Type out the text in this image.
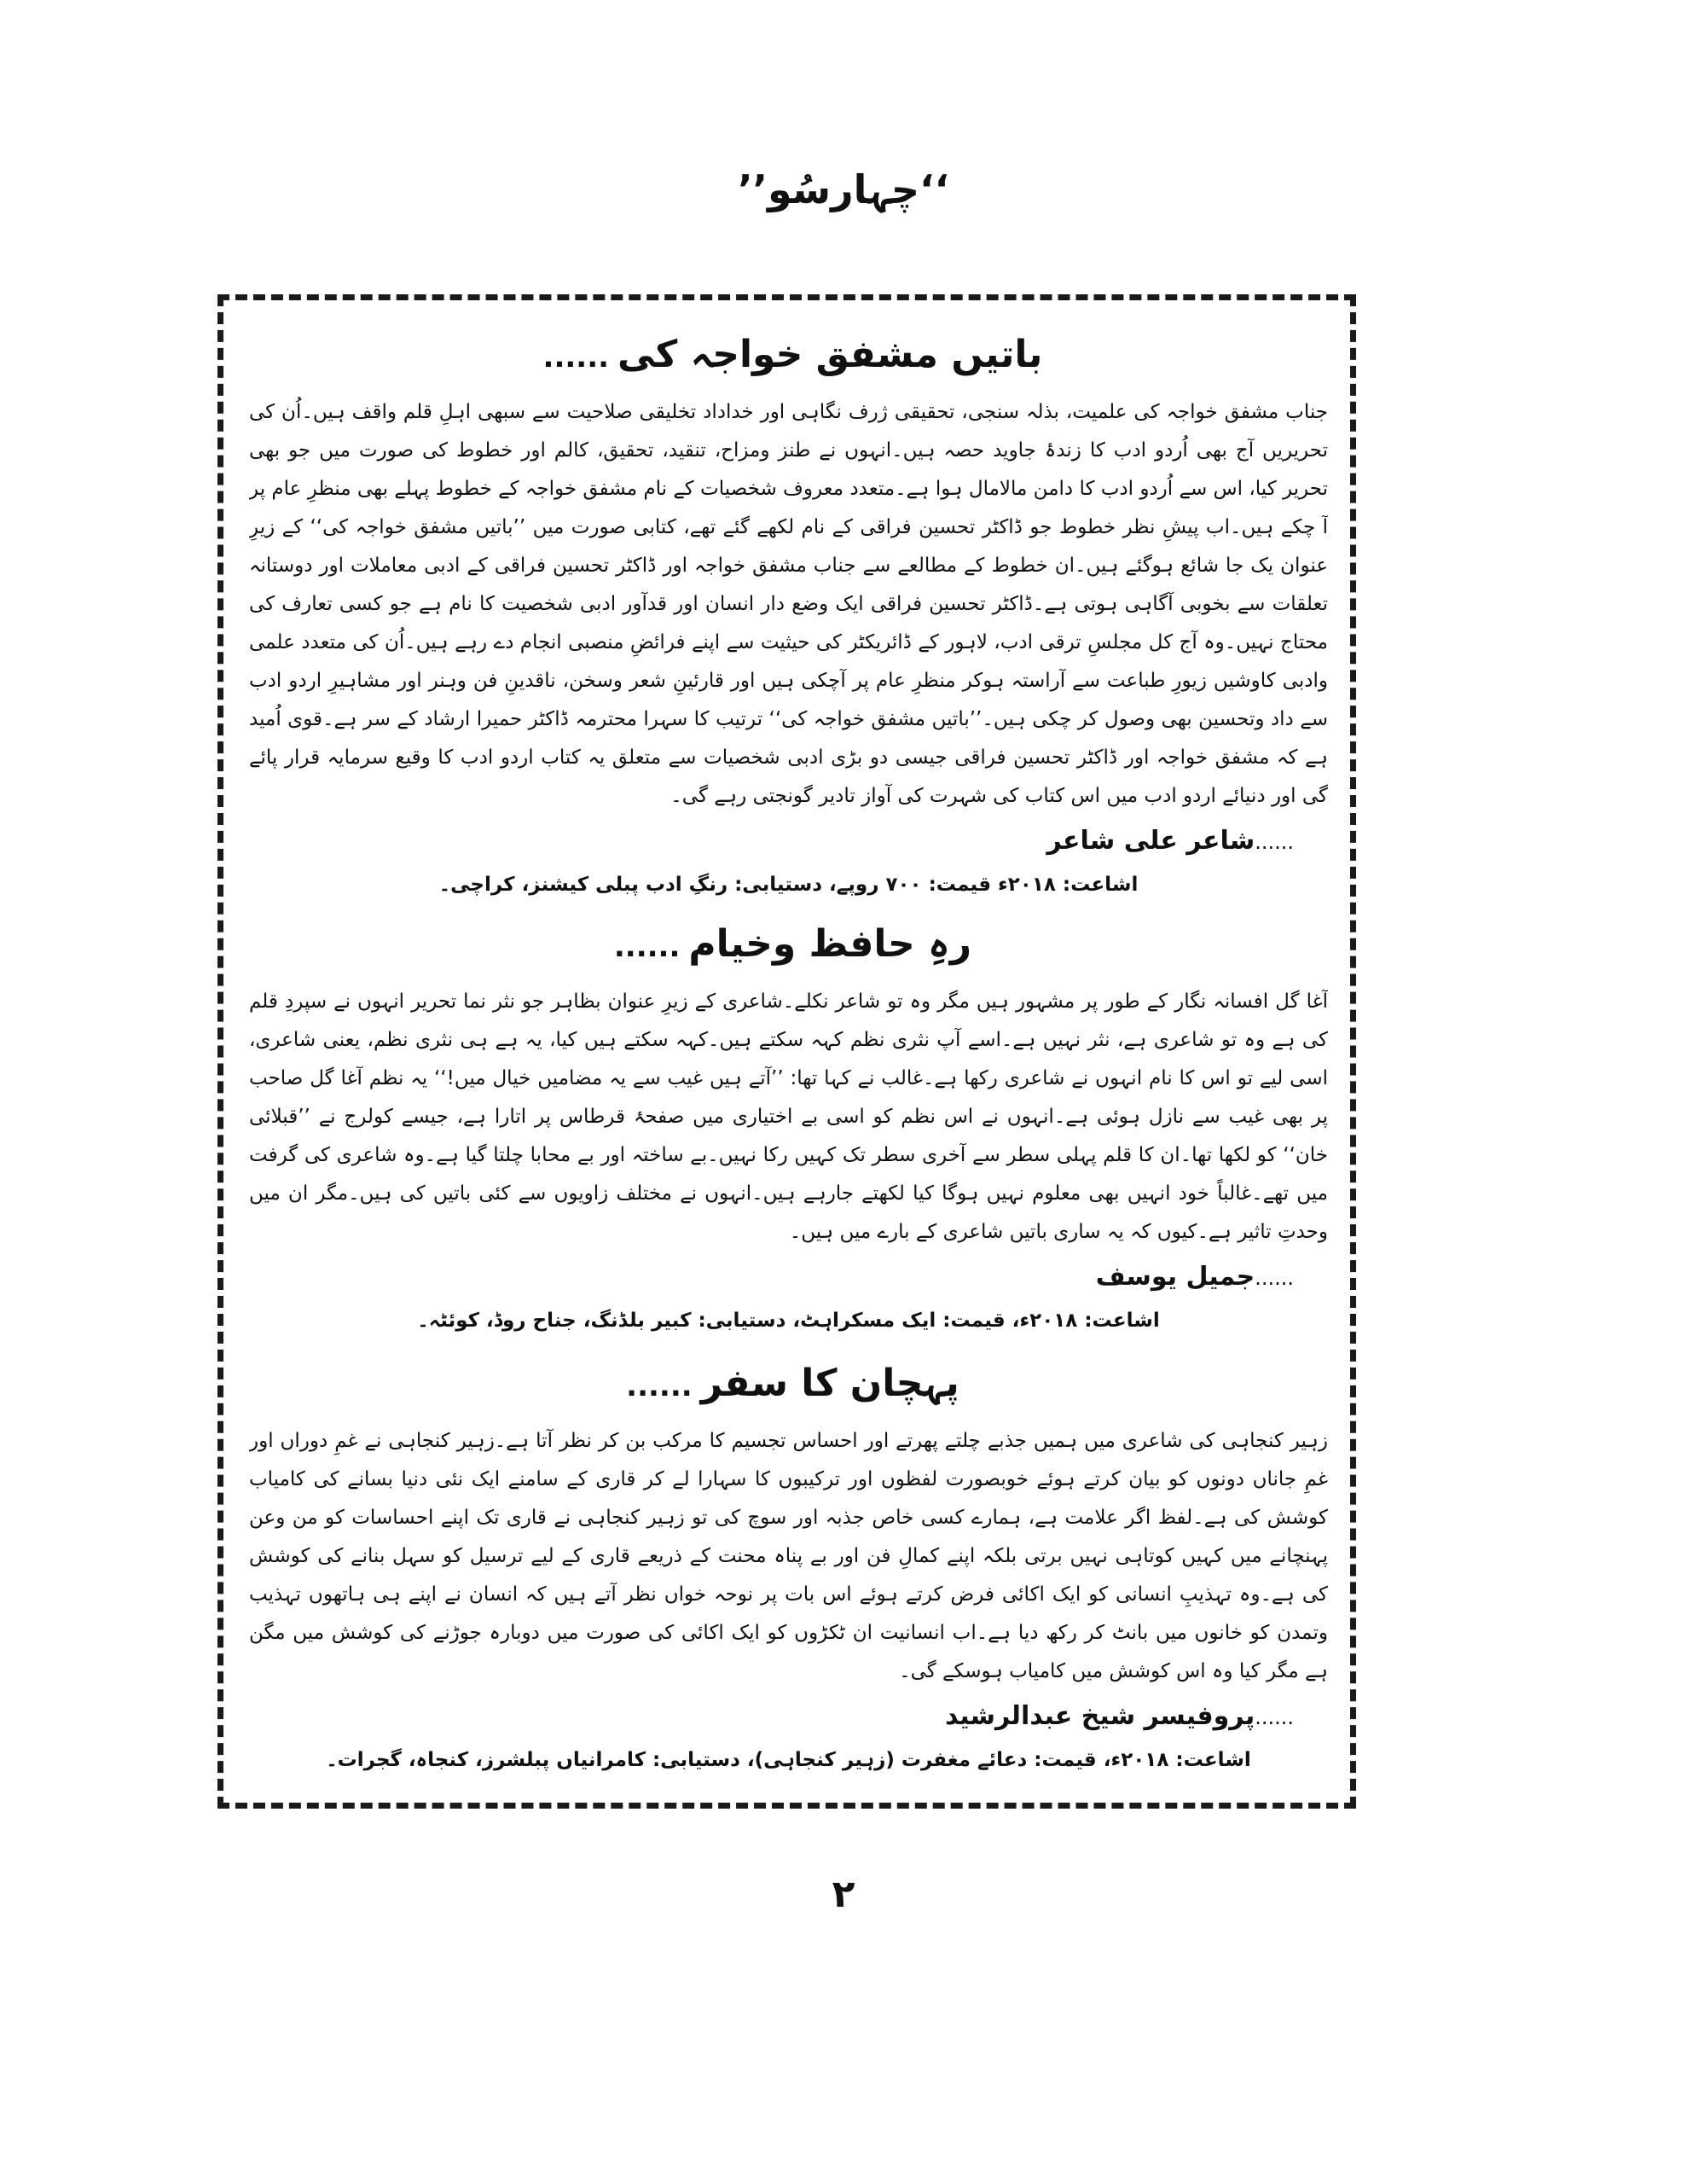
’’چہارسُو‘‘
باتیں مشفق خواجہ کی......

جناب مشفق خواجہ کی علمیت، بذلہ سنجی، تحقیقی ژرف نگاہی اور خداداد تخلیقی صلاحیت سے سبھی اہلِ قلم واقف ہیں۔اُن کی تحریریں آج بھی اُردو ادب کا زندۂ جاوید حصہ ہیں۔انہوں نے طنز ومزاح، تنقید، تحقیق، کالم اور خطوط کی صورت میں جو بھی تحریر کیا، اس سے اُردو ادب کا دامن مالامال ہوا ہے۔متعدد معروف شخصیات کے نام مشفق خواجہ کے خطوط پہلے بھی منظرِ عام پر آ چکے ہیں۔اب پیشِ نظر خطوط جو ڈاکٹر تحسین فراقی کے نام لکھے گئے تھے، کتابی صورت میں ’’باتیں مشفق خواجہ کی‘‘ کے زیرِ عنوان یک جا شائع ہوگئے ہیں۔ان خطوط کے مطالعے سے جناب مشفق خواجہ اور ڈاکٹر تحسین فراقی کے ادبی معاملات اور دوستانہ تعلقات سے بخوبی آگاہی ہوتی ہے۔ڈاکٹر تحسین فراقی ایک وضع دار انسان اور قدآور ادبی شخصیت کا نام ہے جو کسی تعارف کی محتاج نہیں۔وہ آج کل مجلسِ ترقی ادب، لاہور کے ڈائریکٹر کی حیثیت سے اپنے فرائضِ منصبی انجام دے رہے ہیں۔اُن کی متعدد علمی وادبی کاوشیں زیورِ طباعت سے آراستہ ہوکر منظرِ عام پر آچکی ہیں اور قارئینِ شعر وسخن، ناقدینِ فن وہنر اور مشاہیرِ اردو ادب سے داد وتحسین بھی وصول کر چکی ہیں۔’’باتیں مشفق خواجہ کی‘‘ ترتیب کا سہرا محترمہ ڈاکٹر حمیرا ارشاد کے سر ہے۔قوی اُمید ہے کہ مشفق خواجہ اور ڈاکٹر تحسین فراقی جیسی دو بڑی ادبی شخصیات سے متعلق یہ کتاب اردو ادب کا وقیع سرمایہ قرار پائے گی اور دنیائے اردو ادب میں اس کتاب کی شہرت کی آواز تادیر گونجتی رہے گی۔

......شاعر علی شاعر
اشاعت: ۲۰۱۸ء قیمت: ۷۰۰ روپے، دستیابی: رنگِ ادب پبلی کیشنز، کراچی۔
رہِ حافظ وخیام......

آغا گل افسانہ نگار کے طور پر مشہور ہیں مگر وہ تو شاعر نکلے۔شاعری کے زیرِ عنوان بظاہر جو نثر نما تحریر انہوں نے سپردِ قلم کی ہے وہ تو شاعری ہے، نثر نہیں ہے۔اسے آپ نثری نظم کہہ سکتے ہیں۔کہہ سکتے ہیں کیا، یہ ہے ہی نثری نظم، یعنی شاعری، اسی لیے تو اس کا نام انہوں نے شاعری رکھا ہے۔غالب نے کہا تھا: ’’آتے ہیں غیب سے یہ مضامیں خیال میں!‘‘ یہ نظم آغا گل صاحب پر بھی غیب سے نازل ہوئی ہے۔انہوں نے اس نظم کو اسی بے اختیاری میں صفحۂ قرطاس پر اتارا ہے، جیسے کولرج نے ’’قبلائی خان‘‘ کو لکھا تھا۔ان کا قلم پہلی سطر سے آخری سطر تک کہیں رکا نہیں۔بے ساختہ اور بے محابا چلتا گیا ہے۔وہ شاعری کی گرفت میں تھے۔غالباً خود انہیں بھی معلوم نہیں ہوگا کیا لکھتے جارہے ہیں۔انہوں نے مختلف زاویوں سے کئی باتیں کی ہیں۔مگر ان میں وحدتِ تاثیر ہے۔کیوں کہ یہ ساری باتیں شاعری کے بارے میں ہیں۔

......جمیل یوسف
اشاعت: ۲۰۱۸ء، قیمت: ایک مسکراہٹ، دستیابی: کبیر بلڈنگ، جناح روڈ، کوئٹہ۔
پہچان کا سفر......

زہیر کنجاہی کی شاعری میں ہمیں جذبے چلتے پھرتے اور احساس تجسیم کا مرکب بن کر نظر آتا ہے۔زہیر کنجاہی نے غمِ دوراں اور غمِ جاناں دونوں کو بیان کرتے ہوئے خوبصورت لفظوں اور ترکیبوں کا سہارا لے کر قاری کے سامنے ایک نئی دنیا بسانے کی کامیاب کوشش کی ہے۔لفظ اگر علامت ہے، ہمارے کسی خاص جذبہ اور سوچ کی تو زہیر کنجاہی نے قاری تک اپنے احساسات کو من وعن پہنچانے میں کہیں کوتاہی نہیں برتی بلکہ اپنے کمالِ فن اور بے پناہ محنت کے ذریعے قاری کے لیے ترسیل کو سہل بنانے کی کوشش کی ہے۔وہ تہذیبِ انسانی کو ایک اکائی فرض کرتے ہوئے اس بات پر نوحہ خواں نظر آتے ہیں کہ انسان نے اپنے ہی ہاتھوں تہذیب وتمدن کو خانوں میں بانٹ کر رکھ دیا ہے۔اب انسانیت ان ٹکڑوں کو ایک اکائی کی صورت میں دوبارہ جوڑنے کی کوشش میں مگن ہے مگر کیا وہ اس کوشش میں کامیاب ہوسکے گی۔

......پروفیسر شیخ عبدالرشید
اشاعت: ۲۰۱۸ء، قیمت: دعائے مغفرت (زہیر کنجاہی)، دستیابی: کامرانیاں پبلشرز، کنجاہ، گجرات۔
۲
